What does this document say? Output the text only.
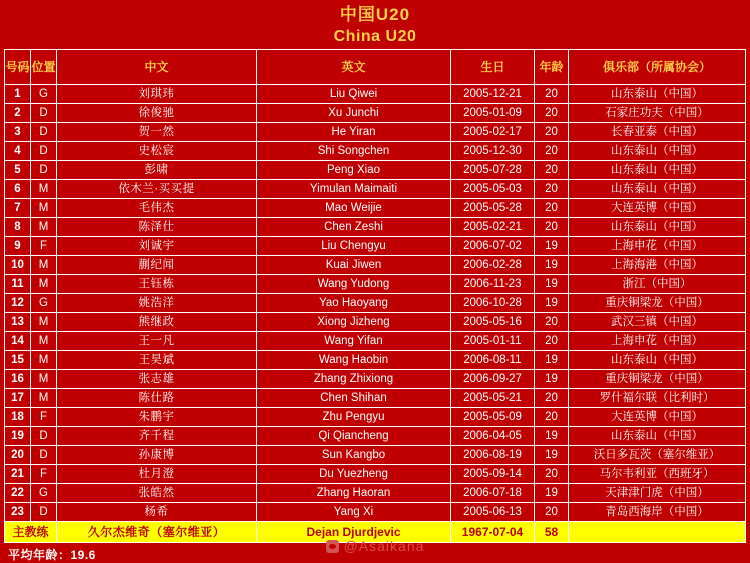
中国U20
China U20
号码	位置	中文	英文	生日	年龄	俱乐部（所属协会）
1	G	刘琪玮	Liu Qiwei	2005-12-21	20	山东泰山（中国）
2	D	徐俊驰	Xu Junchi	2005-01-09	20	石家庄功夫（中国）
3	D	贺一然	He Yiran	2005-02-17	20	长春亚泰（中国）
4	D	史松宸	Shi Songchen	2005-12-30	20	山东泰山（中国）
5	D	彭啸	Peng Xiao	2005-07-28	20	山东泰山（中国）
6	M	依木兰·买买提	Yimulan Maimaiti	2005-05-03	20	山东泰山（中国）
7	M	毛伟杰	Mao Weijie	2005-05-28	20	大连英博（中国）
8	M	陈泽仕	Chen Zeshi	2005-02-21	20	山东泰山（中国）
9	F	刘诚宇	Liu Chengyu	2006-07-02	19	上海申花（中国）
10	M	蒯纪闻	Kuai Jiwen	2006-02-28	19	上海海港（中国）
11	M	王钰栋	Wang Yudong	2006-11-23	19	浙江（中国）
12	G	姚浩洋	Yao Haoyang	2006-10-28	19	重庆铜梁龙（中国）
13	M	熊继政	Xiong Jizheng	2005-05-16	20	武汉三镇（中国）
14	M	王一凡	Wang Yifan	2005-01-11	20	上海申花（中国）
15	M	王昊斌	Wang Haobin	2006-08-11	19	山东泰山（中国）
16	M	张志雄	Zhang Zhixiong	2006-09-27	19	重庆铜梁龙（中国）
17	M	陈仕路	Chen Shihan	2005-05-21	20	罗什福尔联（比利时）
18	F	朱鹏宇	Zhu Pengyu	2005-05-09	20	大连英博（中国）
19	D	齐千程	Qi Qiancheng	2006-04-05	19	山东泰山（中国）
20	D	孙康博	Sun Kangbo	2006-08-19	19	沃日多瓦茨（塞尔维亚）
21	F	杜月澄	Du Yuezheng	2005-09-14	20	马尔韦利亚（西班牙）
22	G	张皓然	Zhang Haoran	2006-07-18	19	天津津门虎（中国）
23	D	杨希	Yang Xi	2005-06-13	20	青岛西海岸（中国）
主教练		久尔杰维奇（塞尔维亚）	Dejan Djurdjevic	1967-07-04	58	
平均年龄：19.6
@Asaikana
